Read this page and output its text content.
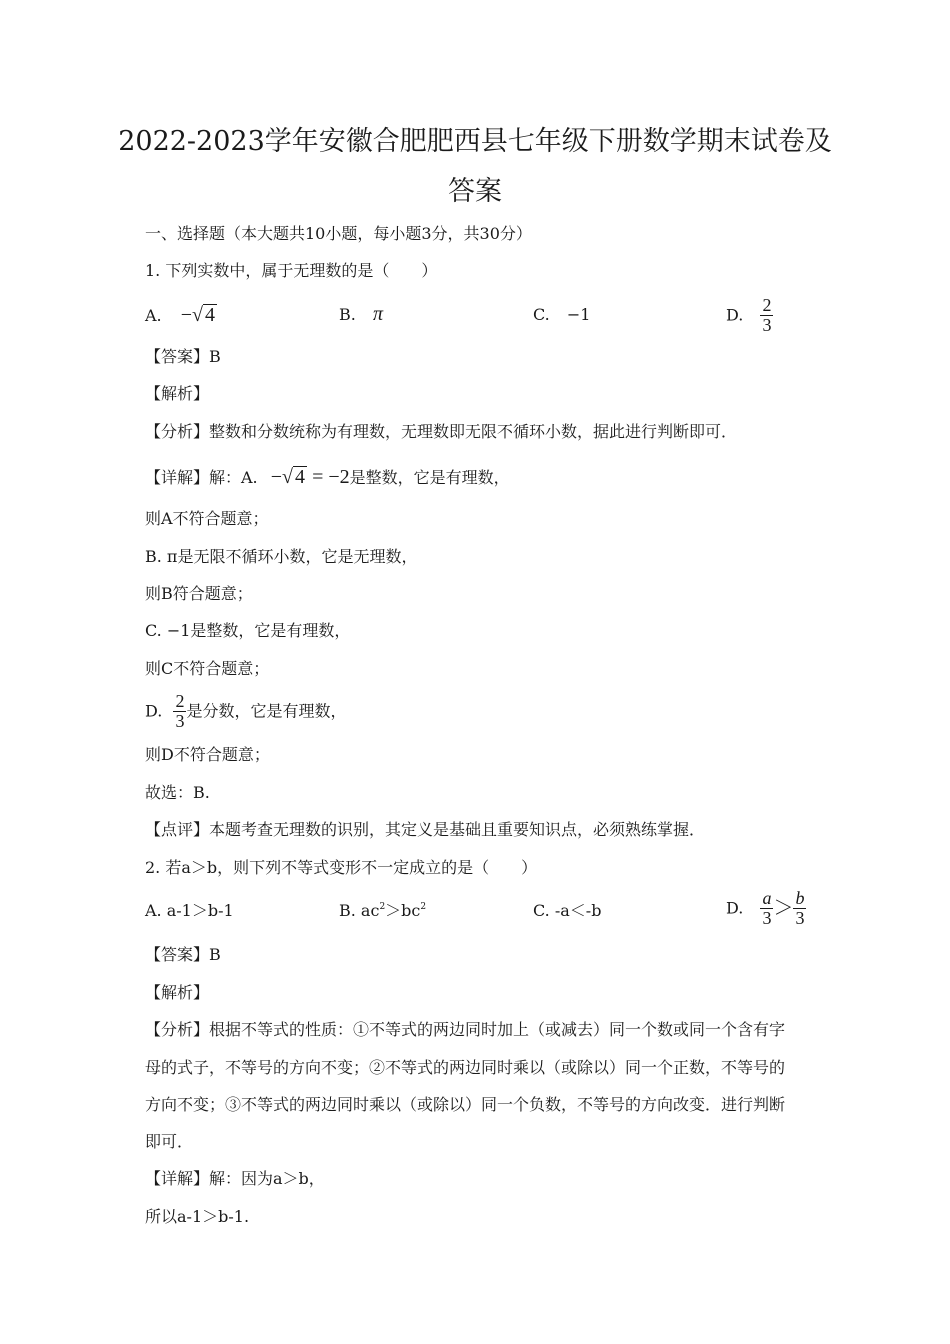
2022-2023学年安徽合肥肥西县七年级下册数学期末试卷及
答案
一、选择题（本大题共10小题，每小题3分，共30分）
1. 下列实数中，属于无理数的是（　　）
A. −√ 4	B. π	C. −1	D. $\frac{2}{3}$
【答案】B
【解析】
【分析】整数和分数统称为有理数，无理数即无限不循环小数，据此进行判断即可．
【详解】解：A. −√ 4 = −2是整数，它是有理数，
则A不符合题意；
B. π是无限不循环小数，它是无理数，
则B符合题意；
C. −1是整数，它是有理数，
则C不符合题意；
D. $\frac{2}{3}$ 是分数，它是有理数，
则D不符合题意；
故选：B.
【点评】本题考查无理数的识别，其定义是基础且重要知识点，必须熟练掌握．
2. 若a＞b，则下列不等式变形不一定成立的是（　　）
A. a-1＞b-1	B. $ac^2>bc^2$	C. -a＜-b	D. $\frac{a}{3} > \frac{b}{3}$
【答案】B
【解析】
【分析】根据不等式的性质：①不等式的两边同时加上（或减去）同一个数或同一个含有字
母的式子，不等号的方向不变；②不等式的两边同时乘以（或除以）同一个正数，不等号的
方向不变；③不等式的两边同时乘以（或除以）同一个负数，不等号的方向改变．进行判断
即可．
【详解】解：因为a＞b，
所以a-1＞b-1.
